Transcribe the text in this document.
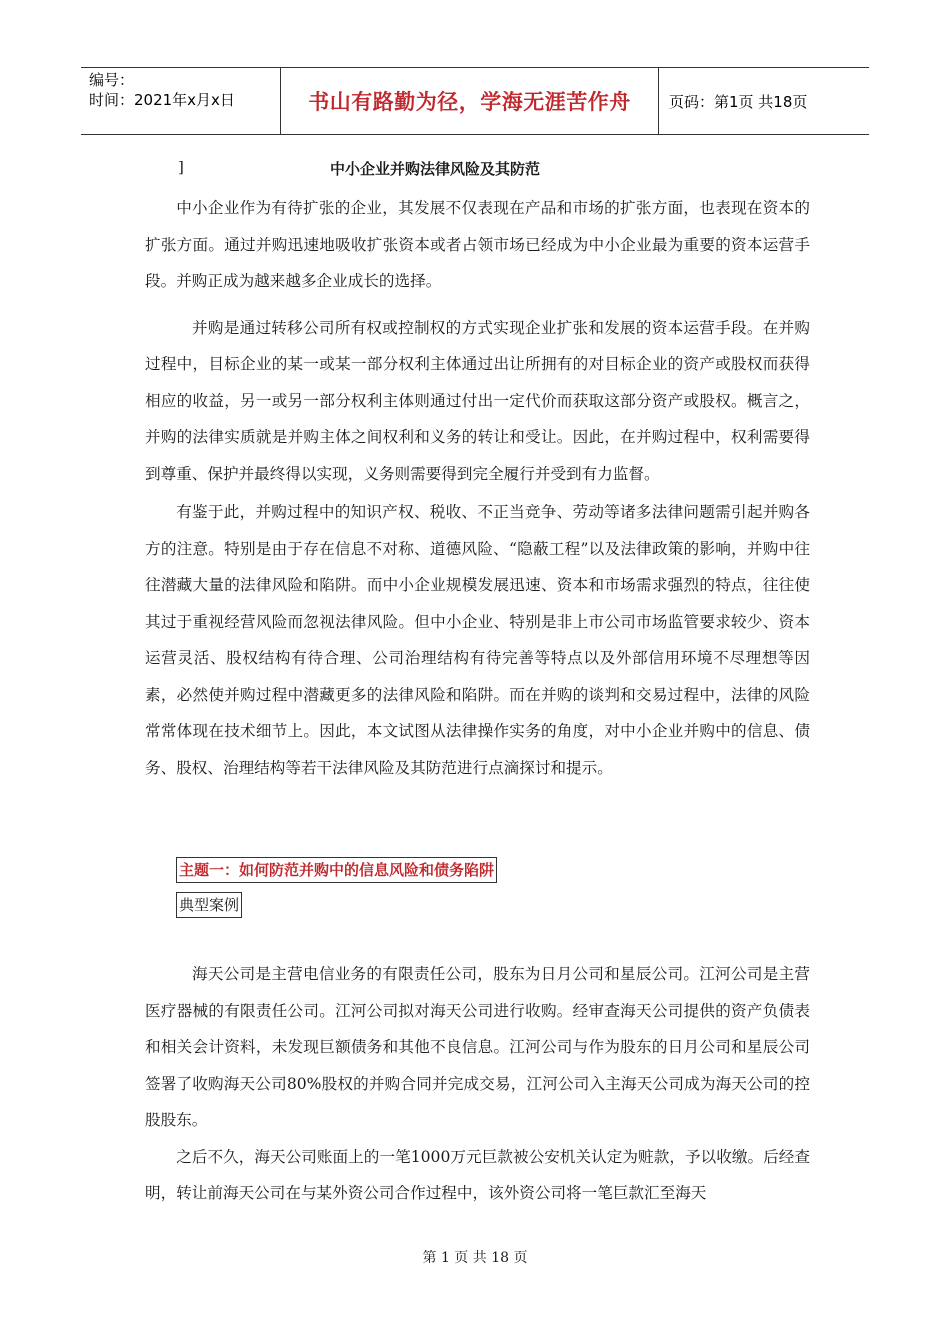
编号：
时间：2021年x月x日	书山有路勤为径，学海无涯苦作舟	页码：第1页 共18页
]	中小企业并购法律风险及其防范

中小企业作为有待扩张的企业，其发展不仅表现在产品和市场的扩张方面，也表现在资本的扩张方面。通过并购迅速地吸收扩张资本或者占领市场已经成为中小企业最为重要的资本运营手段。并购正成为越来越多企业成长的选择。

　并购是通过转移公司所有权或控制权的方式实现企业扩张和发展的资本运营手段。在并购过程中，目标企业的某一或某一部分权利主体通过出让所拥有的对目标企业的资产或股权而获得相应的收益，另一或另一部分权利主体则通过付出一定代价而获取这部分资产或股权。概言之，并购的法律实质就是并购主体之间权利和义务的转让和受让。因此，在并购过程中，权利需要得到尊重、保护并最终得以实现，义务则需要得到完全履行并受到有力监督。

有鉴于此，并购过程中的知识产权、税收、不正当竞争、劳动等诸多法律问题需引起并购各方的注意。特别是由于存在信息不对称、道德风险、“隐蔽工程”以及法律政策的影响，并购中往往潜藏大量的法律风险和陷阱。而中小企业规模发展迅速、资本和市场需求强烈的特点，往往使其过于重视经营风险而忽视法律风险。但中小企业、特别是非上市公司市场监管要求较少、资本运营灵活、股权结构有待合理、公司治理结构有待完善等特点以及外部信用环境不尽理想等因素，必然使并购过程中潜藏更多的法律风险和陷阱。而在并购的谈判和交易过程中，法律的风险常常体现在技术细节上。因此，本文试图从法律操作实务的角度，对中小企业并购中的信息、债务、股权、治理结构等若干法律风险及其防范进行点滴探讨和提示。

主题一：如何防范并购中的信息风险和债务陷阱
典型案例

　海天公司是主营电信业务的有限责任公司，股东为日月公司和星辰公司。江河公司是主营医疗器械的有限责任公司。江河公司拟对海天公司进行收购。经审查海天公司提供的资产负债表和相关会计资料，未发现巨额债务和其他不良信息。江河公司与作为股东的日月公司和星辰公司签署了收购海天公司80%股权的并购合同并完成交易，江河公司入主海天公司成为海天公司的控股股东。

之后不久，海天公司账面上的一笔1000万元巨款被公安机关认定为赃款，予以收缴。后经查明，转让前海天公司在与某外资公司合作过程中，该外资公司将一笔巨款汇至海天

第 1 页 共 18 页
